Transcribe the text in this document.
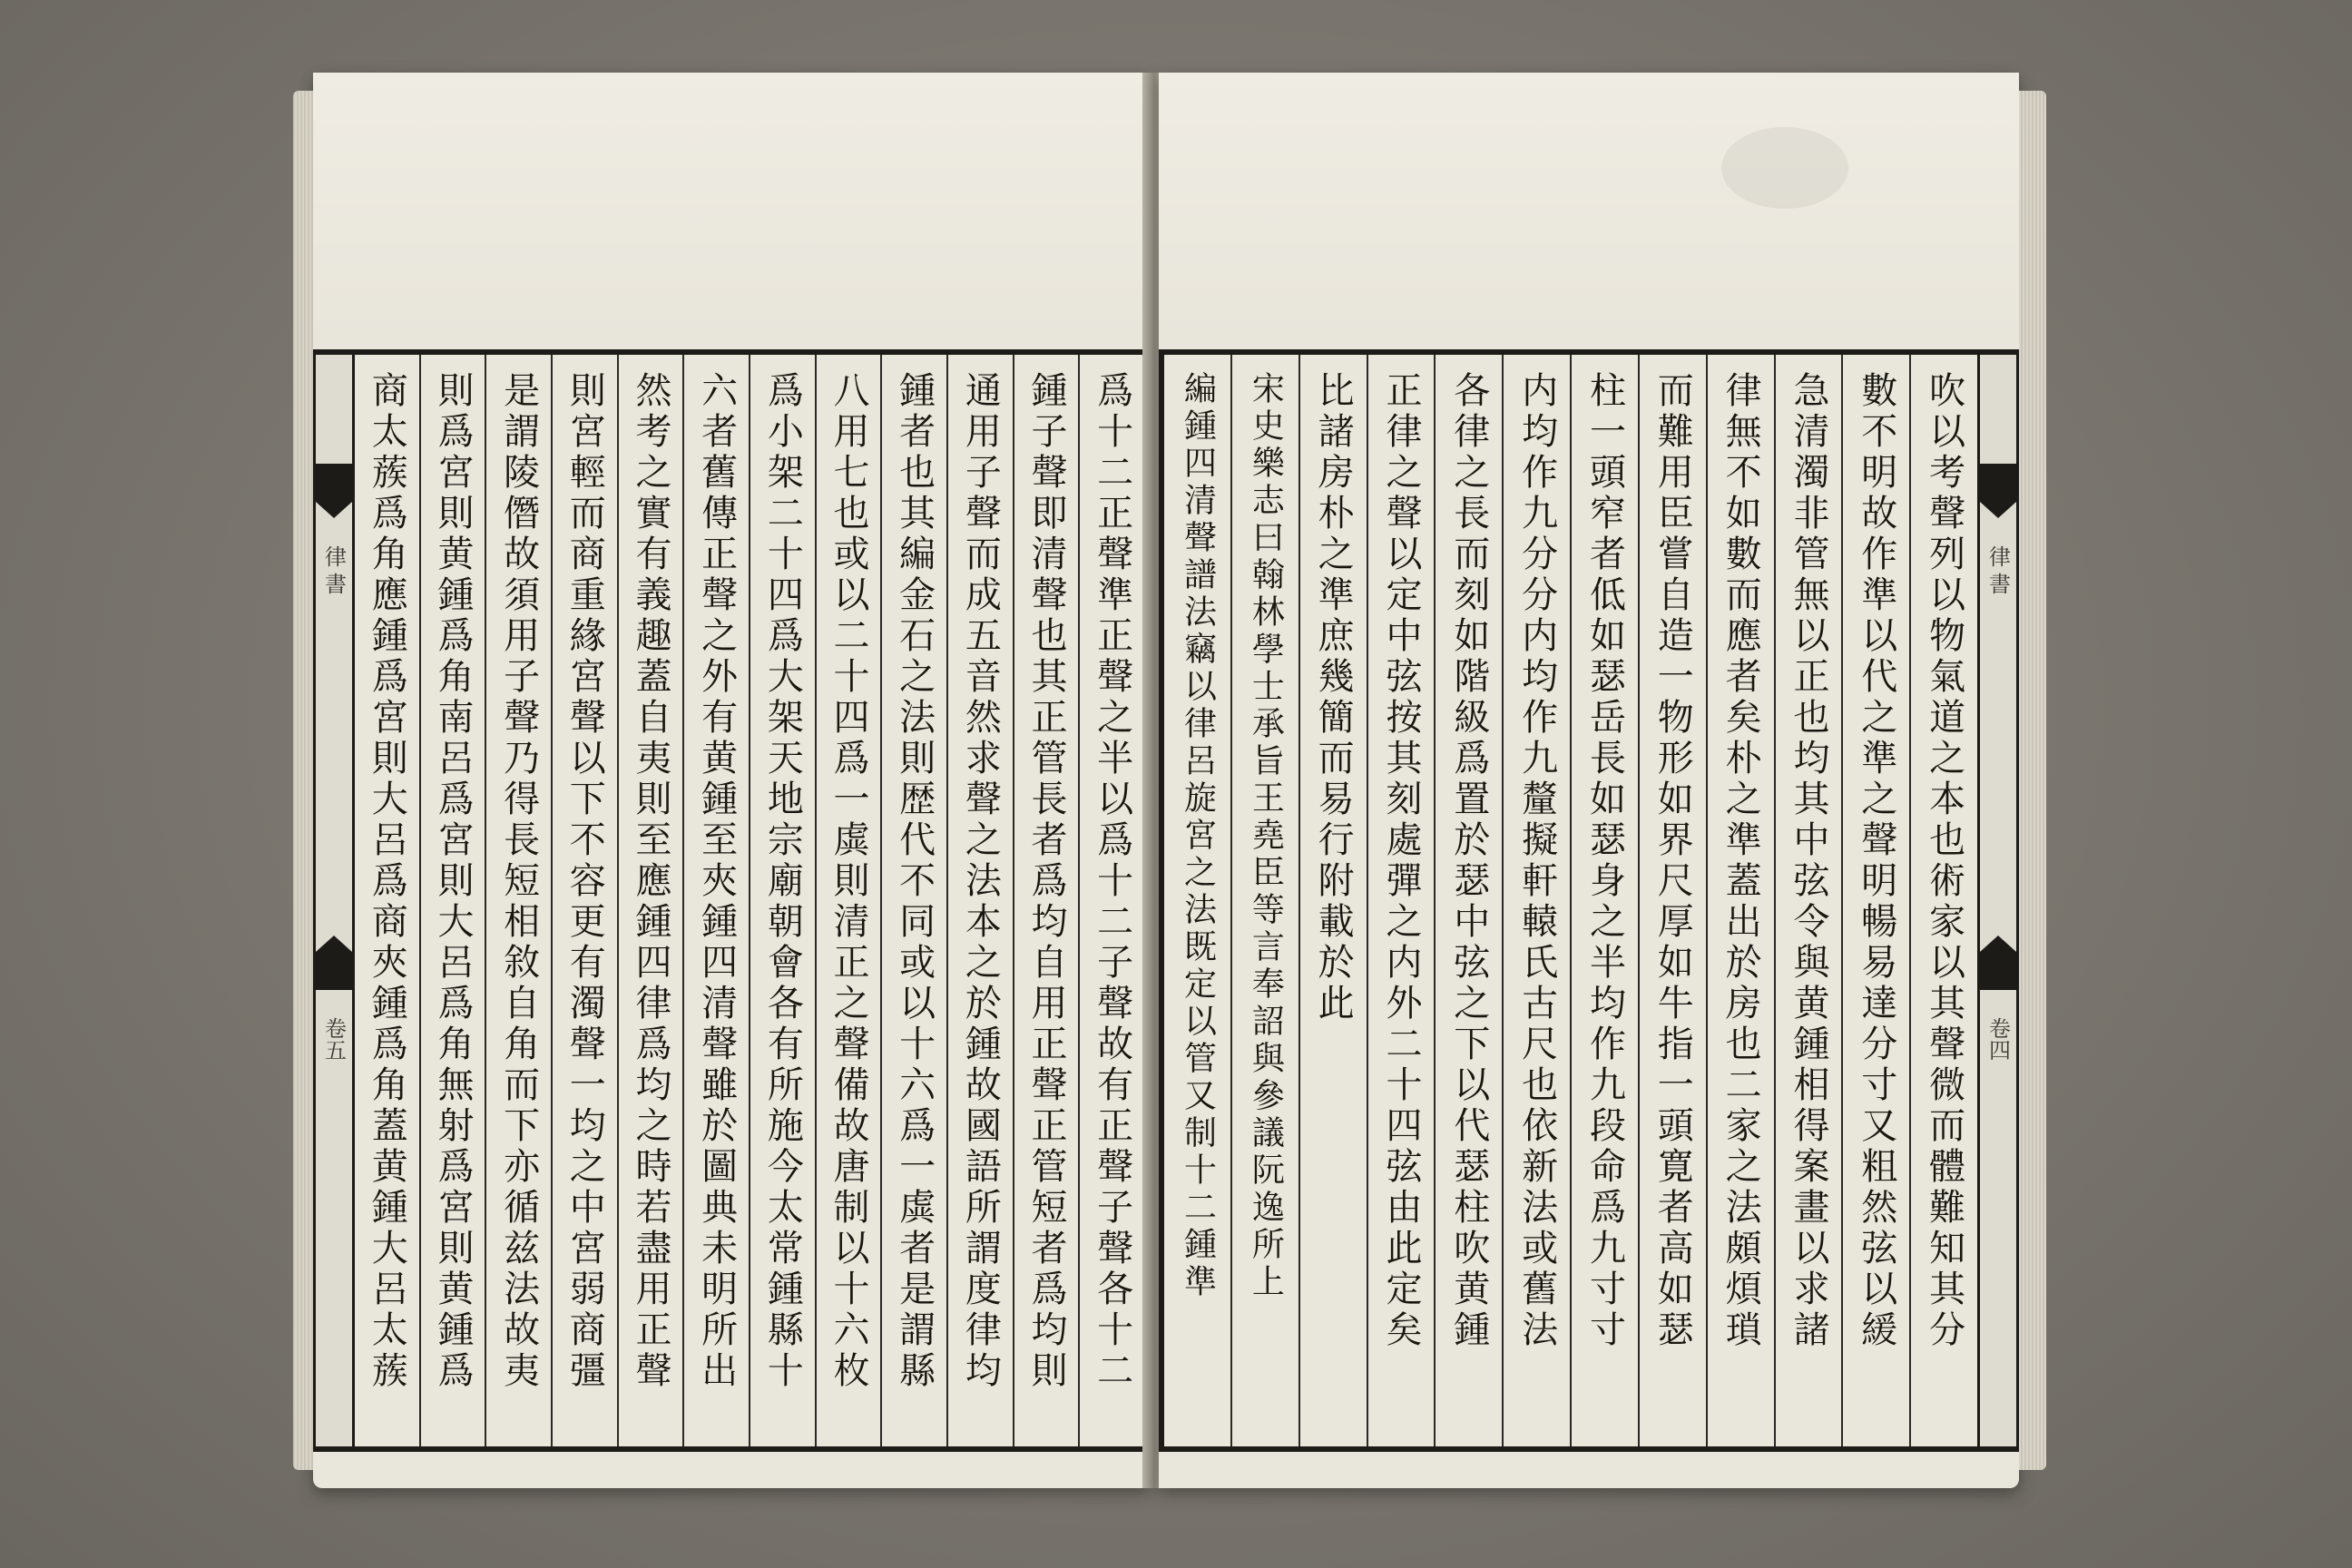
律書
卷五	爲十二正聲準正聲之半以爲十二子聲故有正聲子聲各十二
鍾子聲即清聲也其正管長者爲均自用正聲正管短者爲均則
通用子聲而成五音然求聲之法本之於鍾故國語所謂度律均
鍾者也其編金石之法則歴代不同或以十六爲一虡者是謂縣
八用七也或以二十四爲一虡則清正之聲備故唐制以十六枚
爲小架二十四爲大架天地宗廟朝會各有所施今太常鍾縣十
六者舊傳正聲之外有黄鍾至夾鍾四清聲雖於圖典未明所出
然考之實有義趣蓋自夷則至應鍾四律爲均之時若盡用正聲
則宮輕而商重緣宮聲以下不容更有濁聲一均之中宮弱商彊
是謂陵僭故須用子聲乃得長短相敘自角而下亦循兹法故夷
則爲宮則黄鍾爲角南呂爲宮則大呂爲角無射爲宮則黄鍾爲
商太蔟爲角應鍾爲宮則大呂爲商夾鍾爲角蓋黄鍾大呂太蔟	律書
卷四
吹以考聲列以物氣道之本也術家以其聲微而體難知其分
數不明故作準以代之準之聲明暢易達分寸又粗然弦以緩
急清濁非管無以正也均其中弦令與黄鍾相得案畫以求諸
律無不如數而應者矣朴之準蓋出於房也二家之法頗煩瑣
而難用臣嘗自造一物形如界尺厚如牛指一頭寛者高如瑟
柱一頭窄者低如瑟岳長如瑟身之半均作九段命爲九寸寸
内均作九分分内均作九釐擬軒轅氏古尺也依新法或舊法
各律之長而刻如階級爲置於瑟中弦之下以代瑟柱吹黄鍾
正律之聲以定中弦按其刻處彈之内外二十四弦由此定矣
比諸房朴之準庶幾簡而易行附載於此
宋史樂志曰翰林學士承旨王堯臣等言奉詔與參議阮逸所上
編鍾四清聲譜法竊以律呂旋宮之法既定以管又制十二鍾準
